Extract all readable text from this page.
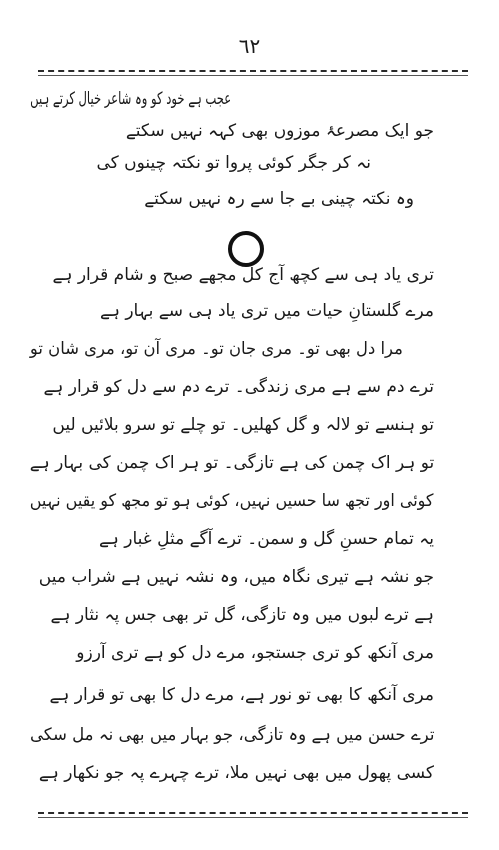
٦٢
عجب ہے خود کو وہ شاعر خیال کرتے ہیں
جو ایک مصرعۂ موزوں بھی کہہ نہیں سکتے
نہ کر جگر کوئی پروا تو نکتہ چینوں کی
وہ نکتہ چینی بے جا سے رہ نہیں سکتے
تری یاد ہی سے کچھ آج کل مجھے صبح و شام قرار ہے
مرے گلستانِ حیات میں تری یاد ہی سے بہار ہے
مرا دل بھی تو۔ مری جان تو۔ مری آن تو، مری شان تو
ترے دم سے ہے مری زندگی۔ ترے دم سے دل کو قرار ہے
تو ہنسے تو لالہ و گل کھلیں۔ تو چلے تو سرو بلائیں لیں
تو ہر اک چمن کی ہے تازگی۔ تو ہر اک چمن کی بہار ہے
کوئی اور تجھ سا حسیں نہیں، کوئی ہو تو مجھ کو یقیں نہیں
یہ تمام حسنِ گل و سمن۔ ترے آگے مثلِ غبار ہے
جو نشہ ہے تیری نگاہ میں، وہ نشہ نہیں ہے شراب میں
ہے ترے لبوں میں وہ تازگی، گل تر بھی جس پہ نثار ہے
مری آنکھ کو تری جستجو، مرے دل کو ہے تری آرزو
مری آنکھ کا بھی تو نور ہے، مرے دل کا بھی تو قرار ہے
ترے حسن میں ہے وہ تازگی، جو بہار میں بھی نہ مل سکی
کسی پھول میں بھی نہیں ملا، ترے چہرے پہ جو نکھار ہے
